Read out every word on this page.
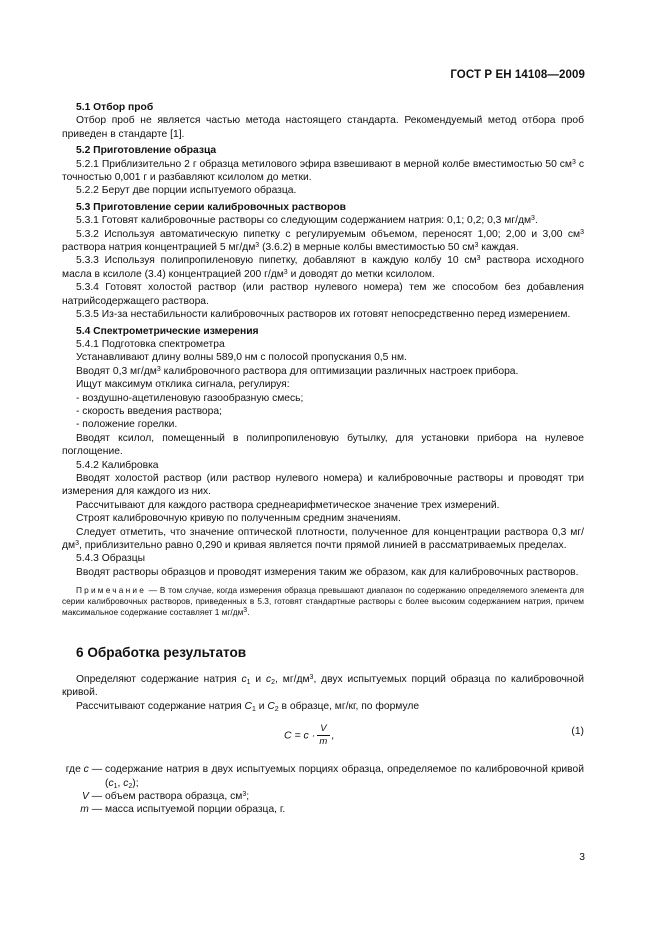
ГОСТ Р ЕН 14108—2009

5.1 Отбор проб

Отбор проб не является частью метода настоящего стандарта. Рекомендуемый метод отбора проб приведен в стандарте [1].

5.2 Приготовление образца

5.2.1 Приблизительно 2 г образца метилового эфира взвешивают в мерной колбе вместимостью 50 $см^3$ с точностью 0,001 г и разбавляют ксилолом до метки.

5.2.2 Берут две порции испытуемого образца.

5.3 Приготовление серии калибровочных растворов

5.3.1 Готовят калибровочные растворы со следующим содержанием натрия: 0,1; 0,2; 0,3 $мг/дм^3$.

5.3.2 Используя автоматическую пипетку с регулируемым объемом, переносят 1,00; 2,00 и 3,00 $см^3$ раствора натрия концентрацией 5 $мг/дм^3$ (3.6.2) в мерные колбы вместимостью 50 $см^3$ каждая.

5.3.3 Используя полипропиленовую пипетку, добавляют в каждую колбу 10 $см^3$ раствора исходного масла в ксилоле (3.4) концентрацией 200 $г/дм^3$ и доводят до метки ксилолом.

5.3.4 Готовят холостой раствор (или раствор нулевого номера) тем же способом без добавления натрийсодержащего раствора.

5.3.5 Из-за нестабильности калибровочных растворов их готовят непосредственно перед измерением.

5.4 Спектрометрические измерения

5.4.1 Подготовка спектрометра

Устанавливают длину волны 589,0 нм с полосой пропускания 0,5 нм.

Вводят 0,3 $мг/дм^3$ калибровочного раствора для оптимизации различных настроек прибора.

Ищут максимум отклика сигнала, регулируя:

- воздушно-ацетиленовую газообразную смесь;

- скорость введения раствора;

- положение горелки.

Вводят ксилол, помещенный в полипропиленовую бутылку, для установки прибора на нулевое поглощение.

5.4.2 Калибровка

Вводят холостой раствор (или раствор нулевого номера) и калибровочные растворы и проводят три измерения для каждого из них.

Рассчитывают для каждого раствора среднеарифметическое значение трех измерений.

Строят калибровочную кривую по полученным средним значениям.

Следует отметить, что значение оптической плотности, полученное для концентрации раствора 0,3 $мг/дм^3$, приблизительно равно 0,290 и кривая является почти прямой линией в рассматриваемых пределах.

5.4.3 Образцы

Вводят растворы образцов и проводят измерения таким же образом, как для калибровочных растворов.

Примечание — В том случае, когда измерения образца превышают диапазон по содержанию определяемого элемента для серии калибровочных растворов, приведенных в 5.3, готовят стандартные растворы с более высоким содержанием натрия, причем максимальное содержание составляет 1 $мг/дм^3$.

6 Обработка результатов

Определяют содержание натрия $c_1$ и $c_2$, $мг/дм^3$, двух испытуемых порций образца по калибровочной кривой.

Рассчитывают содержание натрия $C_1$ и $C_2$ в образце, мг/кг, по формуле

$C = c \cdot \frac{V}{m}$ ,	(1)
где c — содержание натрия в двух испытуемых порциях образца, определяемое по калибровочной кривой ($c_1$, $c_2$);
V — объем раствора образца, $см^3$;
m — масса испытуемой порции образца, г.
3
